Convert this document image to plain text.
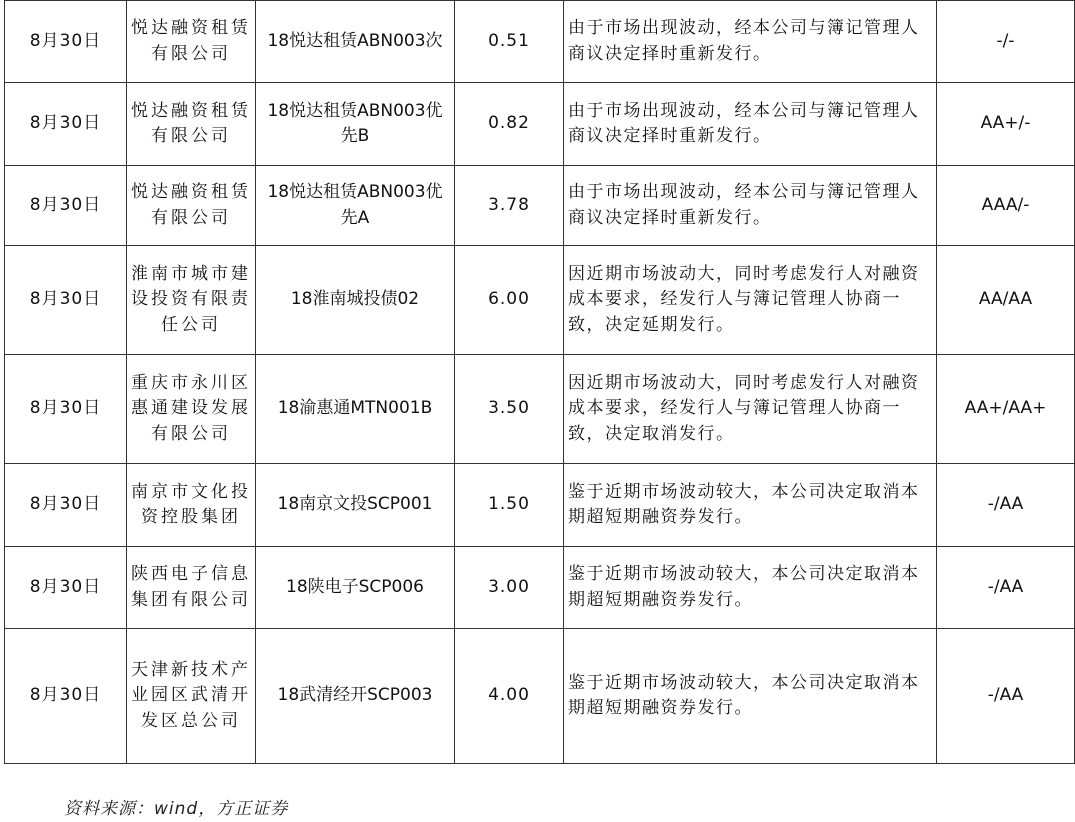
8月30日	悦达融资租赁有限公司	18悦达租赁ABN003次	0.51	由于市场出现波动，经本公司与簿记管理人商议决定择时重新发行。	-/-
8月30日	悦达融资租赁有限公司	18悦达租赁ABN003优先B	0.82	由于市场出现波动，经本公司与簿记管理人商议决定择时重新发行。	AA+/-
8月30日	悦达融资租赁有限公司	18悦达租赁ABN003优先A	3.78	由于市场出现波动，经本公司与簿记管理人商议决定择时重新发行。	AAA/-
8月30日	淮南市城市建设投资有限责任公司	18淮南城投债02	6.00	因近期市场波动大，同时考虑发行人对融资成本要求，经发行人与簿记管理人协商一致，决定延期发行。	AA/AA
8月30日	重庆市永川区惠通建设发展有限公司	18渝惠通MTN001B	3.50	因近期市场波动大，同时考虑发行人对融资成本要求，经发行人与簿记管理人协商一致，决定取消发行。	AA+/AA+
8月30日	南京市文化投资控股集团	18南京文投SCP001	1.50	鉴于近期市场波动较大，本公司决定取消本期超短期融资券发行。	-/AA
8月30日	陕西电子信息集团有限公司	18陕电子SCP006	3.00	鉴于近期市场波动较大，本公司决定取消本期超短期融资券发行。	-/AA
8月30日	天津新技术产业园区武清开发区总公司	18武清经开SCP003	4.00	鉴于近期市场波动较大，本公司决定取消本期超短期融资券发行。	-/AA

资料来源：wind，方正证券
